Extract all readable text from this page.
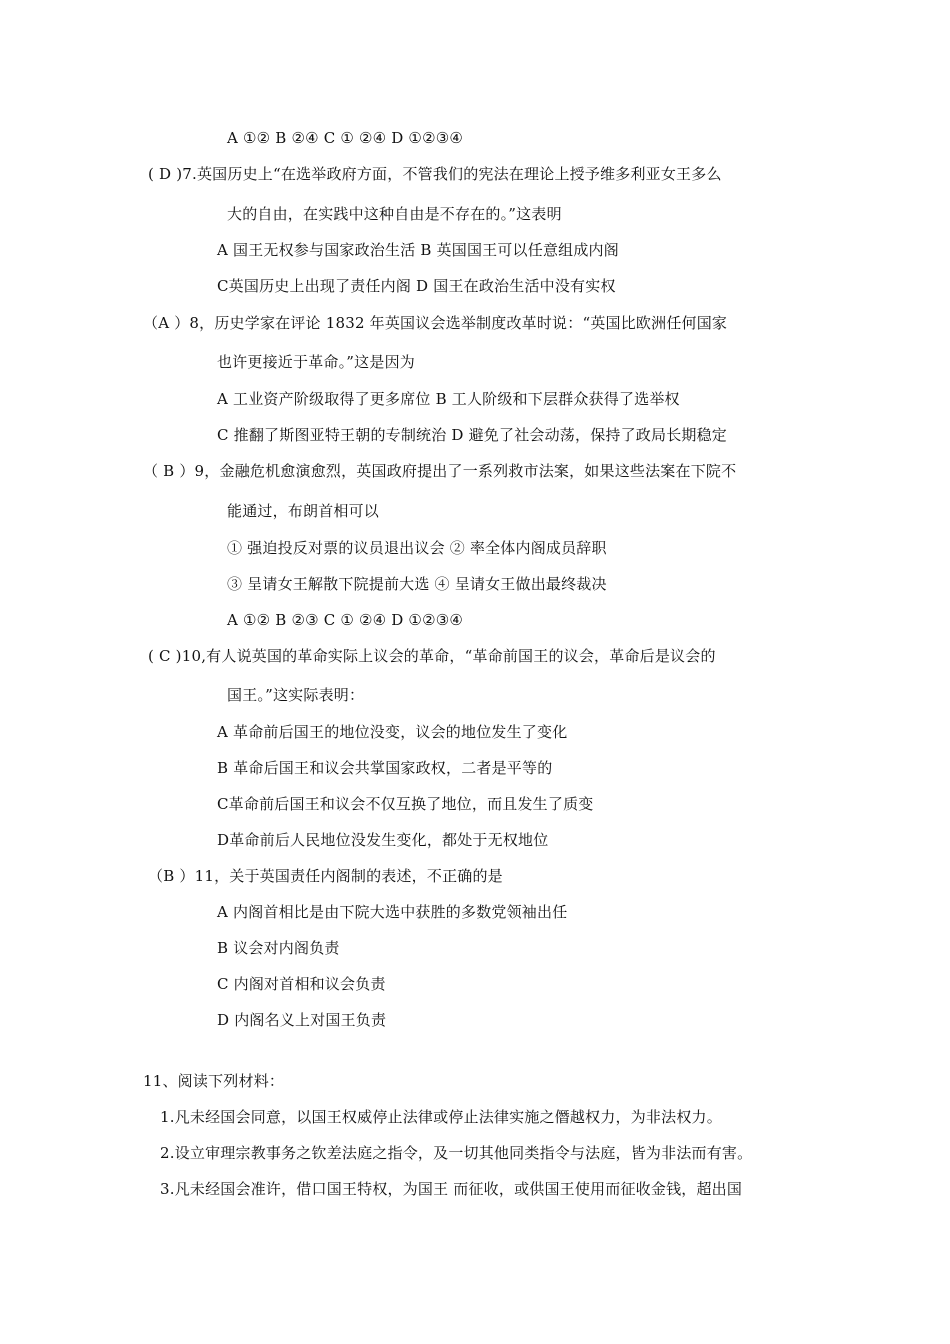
A ①② B ②④ C ① ②④ D ①②③④
( D )7.英国历史上“在选举政府方面，不管我们的宪法在理论上授予维多利亚女王多么
大的自由，在实践中这种自由是不存在的。”这表明
A 国王无权参与国家政治生活 B 英国国王可以任意组成内阁
C英国历史上出现了责任内阁 D 国王在政治生活中没有实权
（A ）8，历史学家在评论 1832 年英国议会选举制度改革时说：“英国比欧洲任何国家
也许更接近于革命。”这是因为
A 工业资产阶级取得了更多席位 B 工人阶级和下层群众获得了选举权
C 推翻了斯图亚特王朝的专制统治 D 避免了社会动荡，保持了政局长期稳定
（ B ）9，金融危机愈演愈烈，英国政府提出了一系列救市法案，如果这些法案在下院不
能通过，布朗首相可以
① 强迫投反对票的议员退出议会 ② 率全体内阁成员辞职
③ 呈请女王解散下院提前大选 ④ 呈请女王做出最终裁决
A ①② B ②③ C ① ②④ D ①②③④
( C )10,有人说英国的革命实际上议会的革命，“革命前国王的议会，革命后是议会的
国王。”这实际表明：
A 革命前后国王的地位没变，议会的地位发生了变化
B 革命后国王和议会共掌国家政权，二者是平等的
C革命前后国王和议会不仅互换了地位，而且发生了质变
D革命前后人民地位没发生变化，都处于无权地位
（B ）11，关于英国责任内阁制的表述，不正确的是
A 内阁首相比是由下院大选中获胜的多数党领袖出任
B 议会对内阁负责
C 内阁对首相和议会负责
D 内阁名义上对国王负责
11、阅读下列材料：
1.凡未经国会同意，以国王权威停止法律或停止法律实施之僭越权力，为非法权力。
2.设立审理宗教事务之钦差法庭之指令，及一切其他同类指令与法庭，皆为非法而有害。
3.凡未经国会准许，借口国王特权，为国王 而征收，或供国王使用而征收金钱，超出国
